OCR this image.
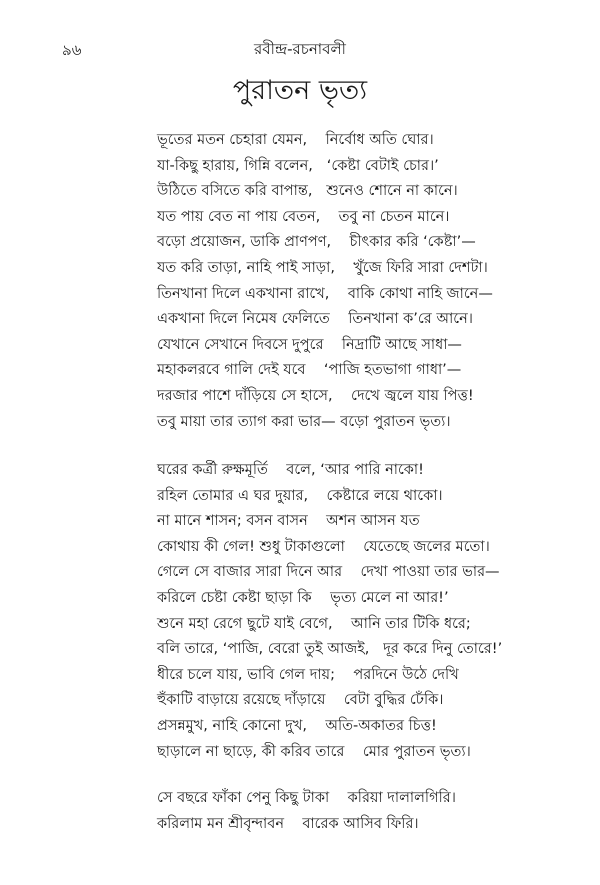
৯৬	রবীন্দ্র-রচনাবলী
পুরাতন ভৃত্য
ভূতের মতন চেহারা যেমন,    নির্বোধ অতি ঘোর।
যা-কিছু হারায়, গিন্নি বলেন,   ‘কেষ্টা বেটাই চোর।’
উঠিতে বসিতে করি বাপান্ত,   শুনেও শোনে না কানে।
যত পায় বেত না পায় বেতন,    তবু না চেতন মানে।
বড়ো প্রয়োজন, ডাকি প্রাণপণ,    চীৎকার করি ‘কেষ্টা’—
যত করি তাড়া, নাহি পাই সাড়া,    খুঁজে ফিরি সারা দেশটা।
তিনখানা দিলে একখানা রাখে,    বাকি কোথা নাহি জানে—
একখানা দিলে নিমেষ ফেলিতে    তিনখানা ক’রে আনে।
যেখানে সেখানে দিবসে দুপুরে    নিদ্রাটি আছে সাধা—
মহাকলরবে গালি দেই যবে    ‘পাজি হতভাগা গাধা’—
দরজার পাশে দাঁড়িয়ে সে হাসে,    দেখে জ্বলে যায় পিত্ত!
তবু মায়া তার ত্যাগ করা ভার— বড়ো পুরাতন ভৃত্য।
ঘরের কর্ত্রী রুক্ষমূর্তি    বলে, ‘আর পারি নাকো!
রহিল তোমার এ ঘর দুয়ার,    কেষ্টারে লয়ে থাকো।
না মানে শাসন; বসন বাসন    অশন আসন যত
কোথায় কী গেল! শুধু টাকাগুলো    যেতেছে জলের মতো।
গেলে সে বাজার সারা দিনে আর    দেখা পাওয়া তার ভার—
করিলে চেষ্টা কেষ্টা ছাড়া কি    ভৃত্য মেলে না আর!’
শুনে মহা রেগে ছুটে যাই বেগে,    আনি তার টিকি ধরে;
বলি তারে, ‘পাজি, বেরো তুই আজই,   দূর করে দিনু তোরে!’
ধীরে চলে যায়, ভাবি গেল দায়;    পরদিনে উঠে দেখি
হুঁকাটি বাড়ায়ে রয়েছে দাঁড়ায়ে    বেটা বুদ্ধির ঢেঁকি।
প্রসন্নমুখ, নাহি কোনো দুখ,    অতি-অকাতর চিত্ত!
ছাড়ালে না ছাড়ে, কী করিব তারে    মোর পুরাতন ভৃত্য।
সে বছরে ফাঁকা পেনু কিছু টাকা    করিয়া দালালগিরি।
করিলাম মন শ্রীবৃন্দাবন    বারেক আসিব ফিরি।
